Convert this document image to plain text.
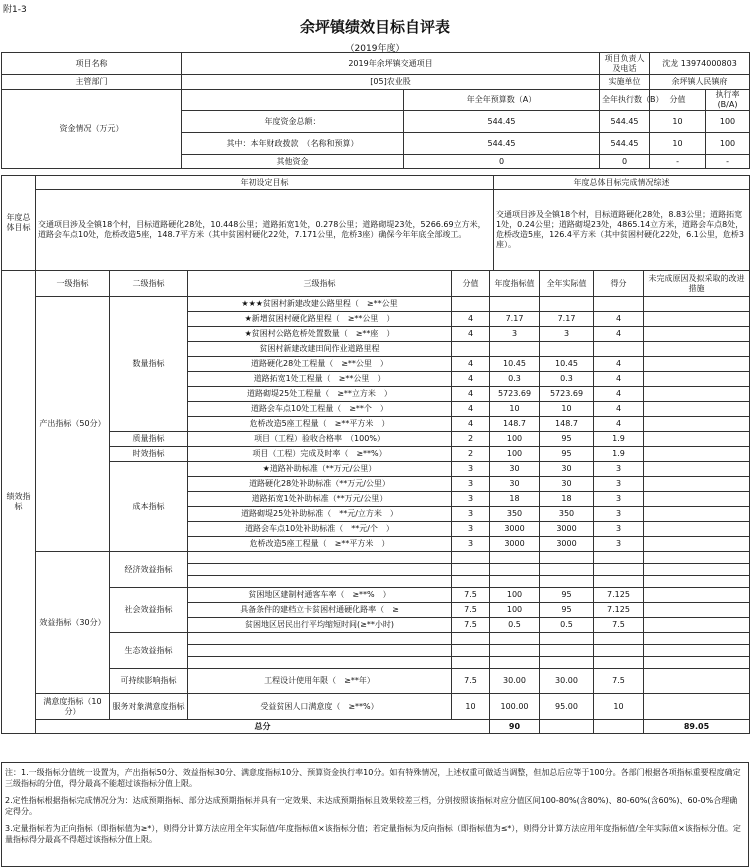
附1-3
余坪镇绩效目标自评表
（2019年度）
项目名称	2019年余坪镇交通项目		项目负责人及电话	沈龙 13974000803		
主管部门	[05]农业股		实施单位	余坪镇人民镇府		
资金情况（万元）		年全年预算数（A）	全年执行数（B）	分值	执行率(B/A)	
	年度资金总额：	544.45	544.45	10	100	
	其中：本年财政拨款　（名称和预算）	544.45	544.45	10	100	
	其他资金	0	0	-	-	
年度总体目标	年初设定目标	年度总体目标完成情况综述
	交通项目涉及全镇18个村，目标道路硬化28处，10.448公里；道路拓宽1处，0.278公里；道路砌堤23处，5266.69立方米，道路会车点10处，危桥改造5座，148.7平方米（其中贫困村硬化22处，7.171公里，危桥3座）确保今年年底全部竣工。	交通项目涉及全镇18个村，目标道路硬化28处，8.83公里；道路拓宽1处，0.24公里；道路砌堤23处，4865.14立方米，道路会车点8处，危桥改造5座，126.4平方米（其中贫困村硬化22处，6.1公里，危桥3座）。
绩效指标	一级指标	二级指标	三级指标	分值	年度指标值	全年实际值	得分	未完成原因及拟采取的改进措施	
	产出指标（50分）	数量指标	★★★贫困村新建改建公路里程（　≥**公里						
			★新增贫困村硬化路里程（　≥**公里　）	4	7.17	7.17	4		
			★贫困村公路危桥处置数量（　≥**座　）	4	3	3	4		
			贫困村新建改建田间作业道路里程						
			道路硬化28处工程量（　≥**公里　）	4	10.45	10.45	4		
			道路拓宽1处工程量（　≥**公里　）	4	0.3	0.3	4		
			道路砌堤25处工程量（　≥**立方米　）	4	5723.69	5723.69	4		
			道路会车点10处工程量（　≥**个　）	4	10	10	4		
			危桥改造5座工程量（　≥**平方米　）	4	148.7	148.7	4		
		质量指标	项目（工程）验收合格率　（100%）	2	100	95	1.9		
		时效指标	项目（工程）完成及时率（　≥**%）	2	100	95	1.9		
		成本指标	★道路补助标准（**万元/公里）	3	30	30	3		
			道路硬化28处补助标准（**万元/公里）	3	30	30	3		
			道路拓宽1处补助标准（**万元/公里）	3	18	18	3		
			道路砌堤25处补助标准（　**元/立方米　）	3	350	350	3		
			道路会车点10处补助标准（　**元/个　）	3	3000	3000	3		
			危桥改造5座工程量（　≥**平方米　）	3	3000	3000	3		
	效益指标（30分）	经济效益指标							

		社会效益指标	贫困地区建制村通客车率（　≥**%　）	7.5	100	95	7.125		
			具备条件的建档立卡贫困村通硬化路率（　≥	7.5	100	95	7.125		
			贫困地区居民出行平均缩短时间(≥**小时)	7.5	0.5	0.5	7.5		
		生态效益指标							

		可持续影响指标	工程设计使用年限（　≥**年）	7.5	30.00	30.00	7.5		
	满意度指标（10分）	服务对象满意度指标	受益贫困人口满意度（　≥**%）	10	100.00	95.00	10		
	总分				90			89.05	

注：1.一级指标分值统一设置为，产出指标50分、效益指标30分、满意度指标10分、预算资金执行率10分。如有特殊情况，上述权重可做适当调整，但加总后应等于100分。各部门根据各项指标重要程度确定三级指标的分值，得分最高不能超过该指标分值上限。

2.定性指标根据指标完成情况分为：达成预期指标、部分达成预期指标并具有一定效果、未达成预期指标且效果较差三档，分别按照该指标对应分值区间100-80%(含80%)、80-60%(含60%)、60-0%合理确定得分。

3.定量指标若为正向指标（即指标值为≥*），则得分计算方法应用全年实际值/年度指标值×该指标分值；若定量指标为反向指标（即指标值为≤*），则得分计算方法应用年度指标值/全年实际值×该指标分值。定量指标得分最高不得超过该指标分值上限。
